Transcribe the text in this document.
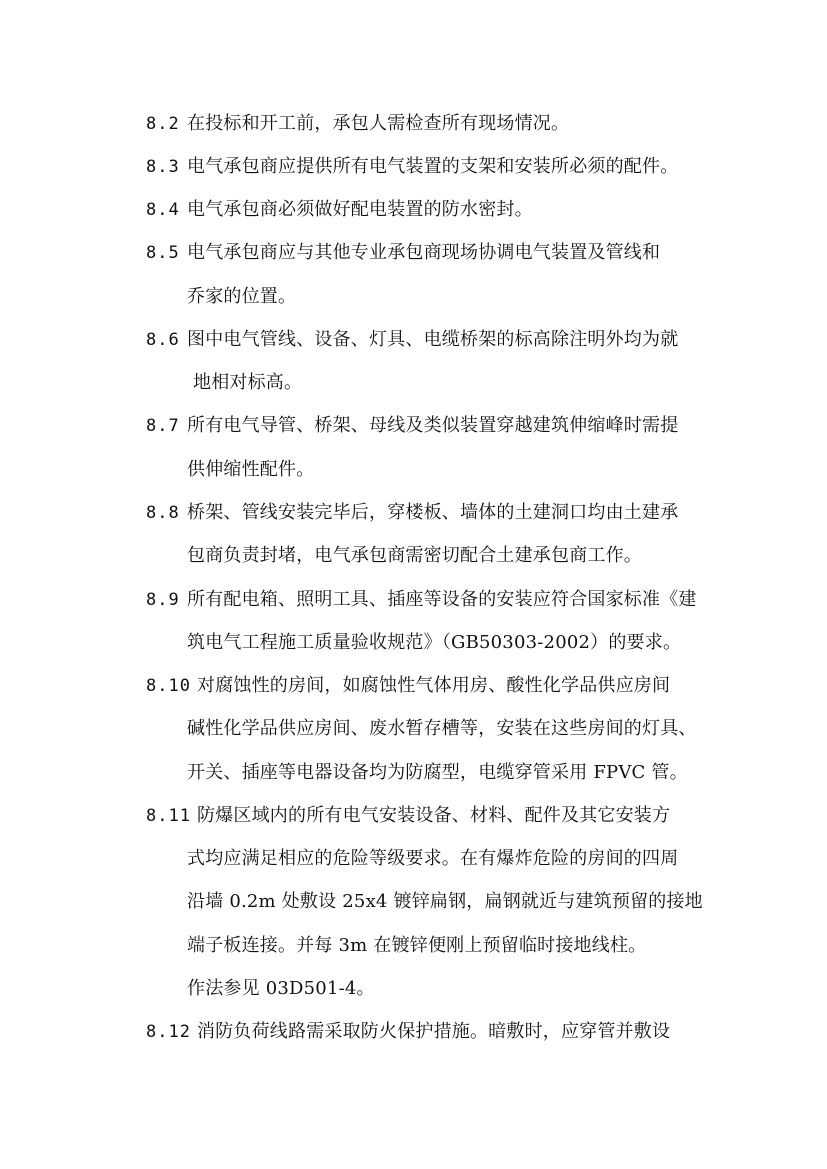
8.2 在投标和开工前，承包人需检查所有现场情况。
8.3 电气承包商应提供所有电气装置的支架和安装所必须的配件。
8.4 电气承包商必须做好配电装置的防水密封。
8.5 电气承包商应与其他专业承包商现场协调电气装置及管线和
乔家的位置。
8.6 图中电气管线、设备、灯具、电缆桥架的标高除注明外均为就
地相对标高。
8.7 所有电气导管、桥架、母线及类似装置穿越建筑伸缩峰时需提
供伸缩性配件。
8.8 桥架、管线安装完毕后，穿楼板、墙体的土建洞口均由土建承
包商负责封堵，电气承包商需密切配合土建承包商工作。
8.9 所有配电箱、照明工具、插座等设备的安装应符合国家标准《建
筑电气工程施工质量验收规范》（GB50303-2002）的要求。
8.10 对腐蚀性的房间，如腐蚀性气体用房、酸性化学品供应房间
碱性化学品供应房间、废水暂存槽等，安装在这些房间的灯具、
开关、插座等电器设备均为防腐型，电缆穿管采用 FPVC 管。
8.11 防爆区域内的所有电气安装设备、材料、配件及其它安装方
式均应满足相应的危险等级要求。在有爆炸危险的房间的四周
沿墙 0.2m 处敷设 25x4 镀锌扁钢，扁钢就近与建筑预留的接地
端子板连接。并每 3m 在镀锌便刚上预留临时接地线柱。
作法参见 03D501-4。
8.12 消防负荷线路需采取防火保护措施。暗敷时，应穿管并敷设
